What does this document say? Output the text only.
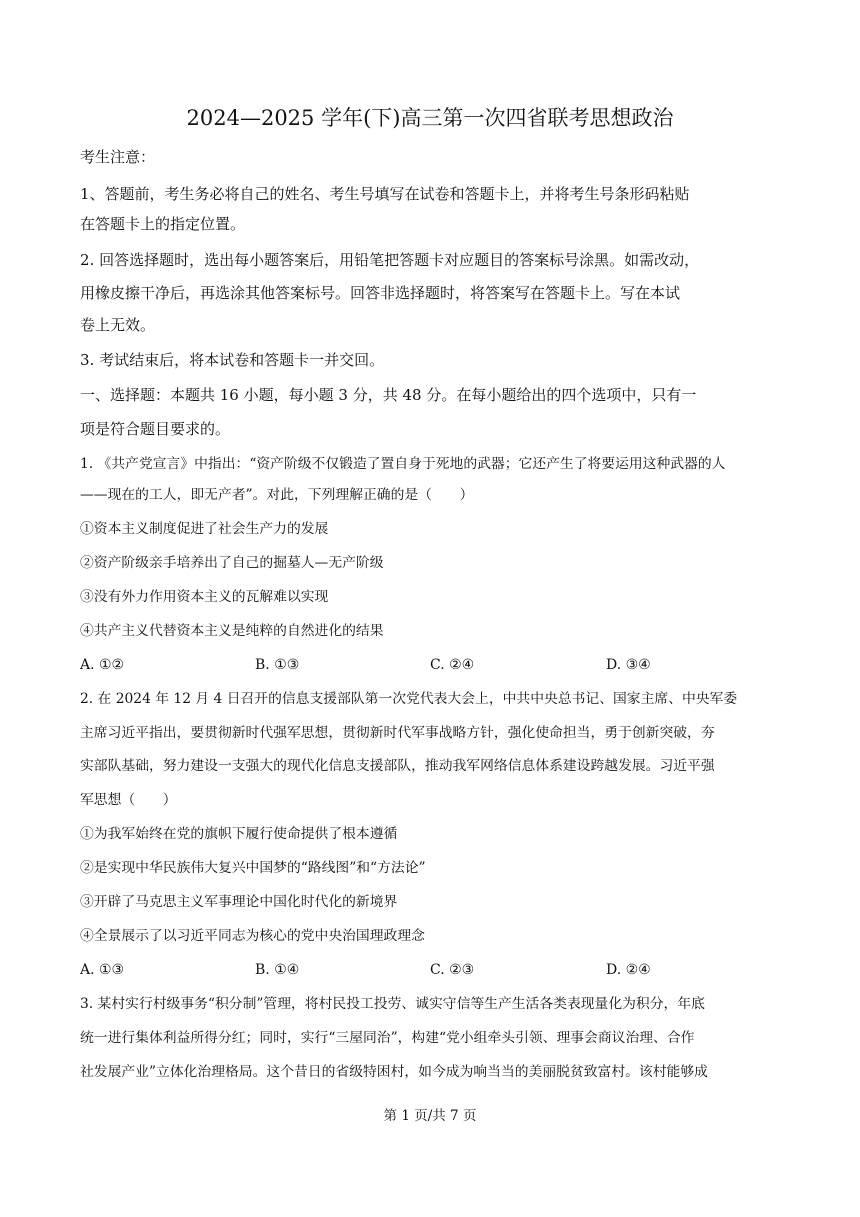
2024—2025 学年(下)高三第一次四省联考思想政治
考生注意：
1、答题前，考生务必将自己的姓名、考生号填写在试卷和答题卡上，并将考生号条形码粘贴
在答题卡上的指定位置。
2. 回答选择题时，选出每小题答案后，用铅笔把答题卡对应题目的答案标号涂黑。如需改动，
用橡皮擦干净后，再选涂其他答案标号。回答非选择题时，将答案写在答题卡上。写在本试
卷上无效。
3. 考试结束后，将本试卷和答题卡一并交回。
一、选择题：本题共 16 小题，每小题 3 分，共 48 分。在每小题给出的四个选项中，只有一
项是符合题目要求的。
1. 《共产党宣言》中指出：“资产阶级不仅锻造了置自身于死地的武器；它还产生了将要运用这种武器的人
——现在的工人，即无产者”。对此，下列理解正确的是（　　）
①资本主义制度促进了社会生产力的发展
②资产阶级亲手培养出了自己的掘墓人—无产阶级
③没有外力作用资本主义的瓦解难以实现
④共产主义代替资本主义是纯粹的自然进化的结果
A. ①②	B. ①③	C. ②④	D. ③④
2. 在 2024 年 12 月 4 日召开的信息支援部队第一次党代表大会上，中共中央总书记、国家主席、中央军委
主席习近平指出，要贯彻新时代强军思想，贯彻新时代军事战略方针，强化使命担当，勇于创新突破，夯
实部队基础，努力建设一支强大的现代化信息支援部队，推动我军网络信息体系建设跨越发展。习近平强
军思想（　　）
①为我军始终在党的旗帜下履行使命提供了根本遵循
②是实现中华民族伟大复兴中国梦的“路线图”和“方法论”
③开辟了马克思主义军事理论中国化时代化的新境界
④全景展示了以习近平同志为核心的党中央治国理政理念
A. ①③	B. ①④	C. ②③	D. ②④
3. 某村实行村级事务“积分制”管理，将村民投工投劳、诚实守信等生产生活各类表现量化为积分，年底
统一进行集体利益所得分红；同时，实行“三屋同治”，构建“党小组牵头引领、理事会商议治理、合作
社发展产业”立体化治理格局。这个昔日的省级特困村，如今成为响当当的美丽脱贫致富村。该村能够成
第 1 页/共 7 页
